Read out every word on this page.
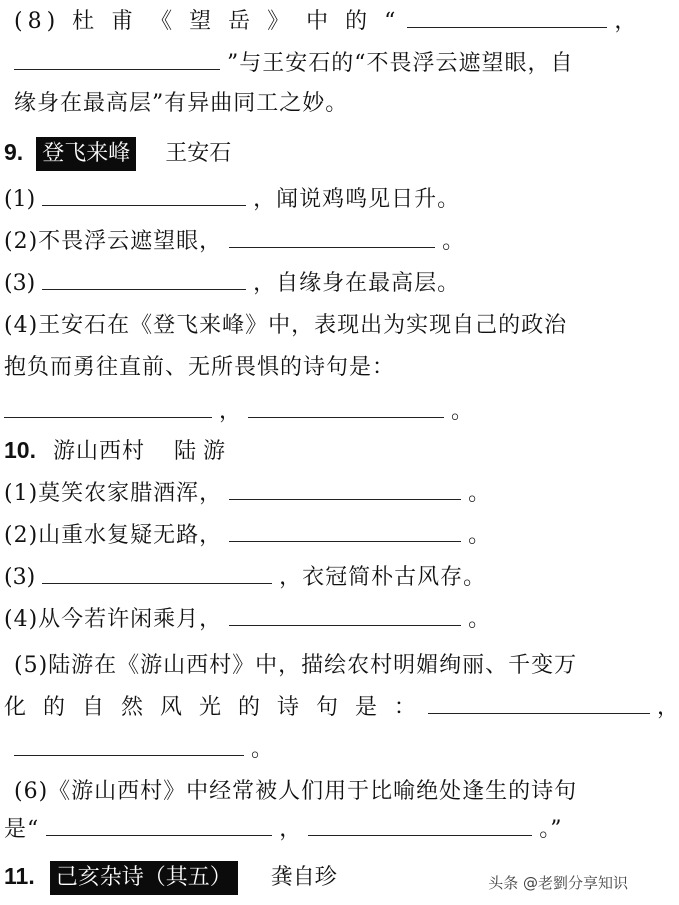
(8) 杜 甫 《 望 岳 》 中 的 “	，
”与王安石的“不畏浮云遮望眼，自
缘身在最高层”有异曲同工之妙。
9. 登飞来峰 王安石
(1)	，闻说鸡鸣见日升。
(2)不畏浮云遮望眼，	。
(3)	，自缘身在最高层。
(4)王安石在《登飞来峰》中，表现出为实现自己的政治
抱负而勇往直前、无所畏惧的诗句是：
，	。
10. 游山西村 陆 游
(1)莫笑农家腊酒浑，	。
(2)山重水复疑无路，	。
(3)	，衣冠简朴古风存。
(4)从今若许闲乘月，	。
(5)陆游在《游山西村》中，描绘农村明媚绚丽、千变万
化 的 自 然 风 光 的 诗 句 是 ：	，
。
(6)《游山西村》中经常被人们用于比喻绝处逢生的诗句
是“	，	。”
11. 己亥杂诗（其五） 龚自珍	头条 @老劉分享知识
